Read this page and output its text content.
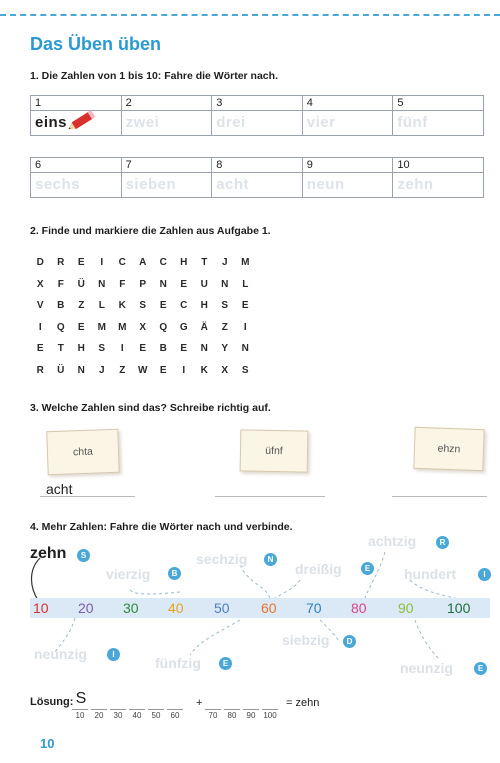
Das Üben üben
1. Die Zahlen von 1 bis 10: Fahre die Wörter nach.
1	2	3	4	5
eins	zwei	drei	vier	fünf
6	7	8	9	10
sechs	sieben	acht	neun	zehn
2. Finde und markiere die Zahlen aus Aufgabe 1.
D	R	E	I	C	A	C	H	T	J	M
X	F	Ü	N	F	P	N	E	U	N	L
V	B	Z	L	K	S	E	C	H	S	E
I	Q	E	M	M	X	Q	G	Ä	Z	I
E	T	H	S	I	E	B	E	N	Y	N
R	Ü	N	J	Z	W	E	I	K	X	S
3. Welche Zahlen sind das? Schreibe richtig auf.
chta	üfnf	ehzn
acht
4. Mehr Zahlen: Fahre die Wörter nach und verbinde.
zehn	S	sechzig	N
achtzig	R
vierzig	B	dreißig	E hundert	I
10 20 30 40 50 60 70 80 90 100
siebzig	D
neunzig	I
fünfzig	E	neunzig	E
Lösung: S
10	20	30	40	50	60
+
70	80	90 100
= zehn
10
